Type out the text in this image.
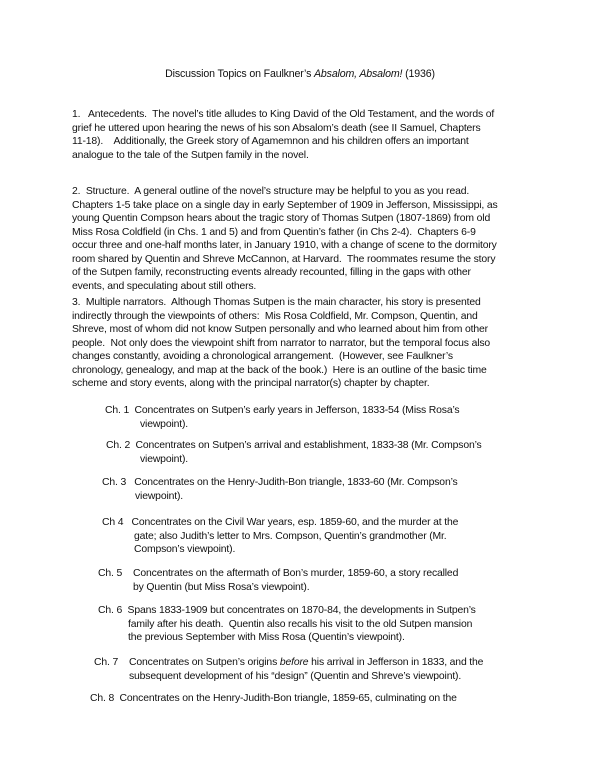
Discussion Topics on Faulkner’s Absalom, Absalom! (1936)
1.   Antecedents.  The novel’s title alludes to King David of the Old Testament, and the words of
grief he uttered upon hearing the news of his son Absalom’s death (see II Samuel, Chapters
11-18).    Additionally, the Greek story of Agamemnon and his children offers an important
analogue to the tale of the Sutpen family in the novel.
2.  Structure.  A general outline of the novel’s structure may be helpful to you as you read.
Chapters 1-5 take place on a single day in early September of 1909 in Jefferson, Mississippi, as
young Quentin Compson hears about the tragic story of Thomas Sutpen (1807-1869) from old
Miss Rosa Coldfield (in Chs. 1 and 5) and from Quentin’s father (in Chs 2-4).  Chapters 6-9
occur three and one-half months later, in January 1910, with a change of scene to the dormitory
room shared by Quentin and Shreve McCannon, at Harvard.  The roommates resume the story
of the Sutpen family, reconstructing events already recounted, filling in the gaps with other
events, and speculating about still others.
3.  Multiple narrators.  Although Thomas Sutpen is the main character, his story is presented
indirectly through the viewpoints of others:  Mis Rosa Coldfield, Mr. Compson, Quentin, and
Shreve, most of whom did not know Sutpen personally and who learned about him from other
people.  Not only does the viewpoint shift from narrator to narrator, but the temporal focus also
changes constantly, avoiding a chronological arrangement.  (However, see Faulkner’s
chronology, genealogy, and map at the back of the book.)  Here is an outline of the basic time
scheme and story events, along with the principal narrator(s) chapter by chapter.
Ch. 1  Concentrates on Sutpen’s early years in Jefferson, 1833-54 (Miss Rosa’s
viewpoint).
Ch. 2  Concentrates on Sutpen’s arrival and establishment, 1833-38 (Mr. Compson’s
viewpoint).
Ch. 3   Concentrates on the Henry-Judith-Bon triangle, 1833-60 (Mr. Compson’s
viewpoint).
Ch 4   Concentrates on the Civil War years, esp. 1859-60, and the murder at the
gate; also Judith’s letter to Mrs. Compson, Quentin’s grandmother (Mr.
Compson’s viewpoint).
Ch. 5    Concentrates on the aftermath of Bon’s murder, 1859-60, a story recalled
by Quentin (but Miss Rosa’s viewpoint).
Ch. 6  Spans 1833-1909 but concentrates on 1870-84, the developments in Sutpen’s
family after his death.  Quentin also recalls his visit to the old Sutpen mansion
the previous September with Miss Rosa (Quentin’s viewpoint).
Ch. 7    Concentrates on Sutpen’s origins before his arrival in Jefferson in 1833, and the
subsequent development of his “design” (Quentin and Shreve’s viewpoint).
Ch. 8  Concentrates on the Henry-Judith-Bon triangle, 1859-65, culminating on the
